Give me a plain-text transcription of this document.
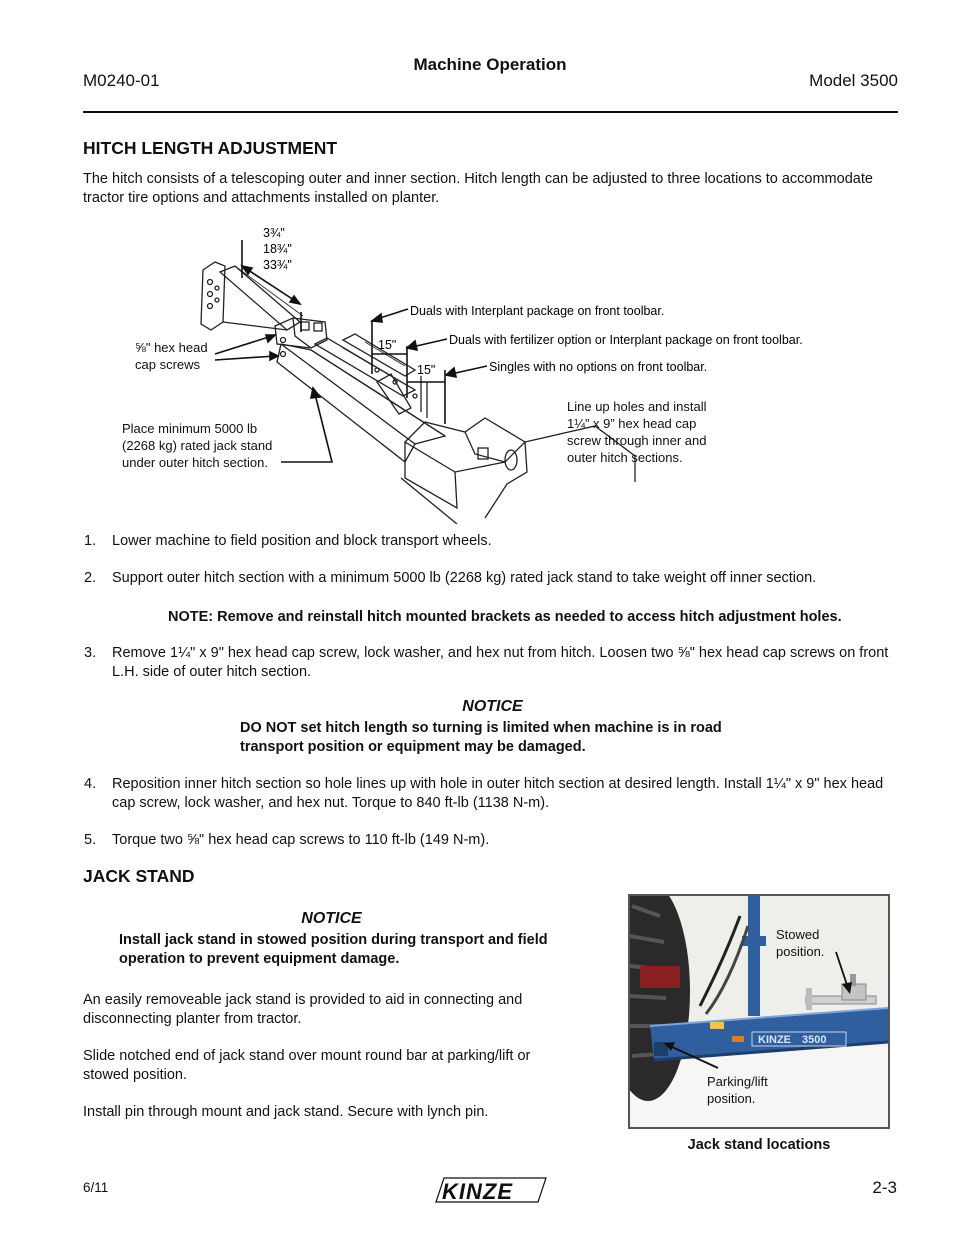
M0240-01
Machine Operation
Model 3500
HITCH LENGTH ADJUSTMENT
The hitch consists of a telescoping outer and inner section. Hitch length can be adjusted to three locations to accommodate tractor tire options and attachments installed on planter.
3¾"
18¾"
33¾"
Duals with Interplant package on front toolbar.
Duals with fertilizer option or Interplant package on front toolbar.
Singles with no options on front toolbar.
15"
15"
⅝" hex head cap screws
Place minimum 5000 lb (2268 kg) rated jack stand under outer hitch section.
Line up holes and install 1¼” x 9” hex head cap screw through inner and outer hitch sections.
1.	Lower machine to field position and block transport wheels.
2.	Support outer hitch section with a minimum 5000 lb (2268 kg) rated jack stand to take weight off inner section.
NOTE: Remove and reinstall hitch mounted brackets as needed to access hitch adjustment holes.
3.	Remove 1¼" x 9" hex head cap screw, lock washer, and hex nut from hitch. Loosen two ⅝" hex head cap screws on front L.H. side of outer hitch section.
NOTICE
DO NOT set hitch length so turning is limited when machine is in road transport position or equipment may be damaged.
4.	Reposition inner hitch section so hole lines up with hole in outer hitch section at desired length. Install 1¼" x 9" hex head cap screw, lock washer, and hex nut. Torque to 840 ft-lb (1138 N-m).
5.	Torque two ⅝" hex head cap screws to 110 ft-lb (149 N-m).
JACK STAND
NOTICE
Install jack stand in stowed position during transport and field operation to prevent equipment damage.
An easily removeable jack stand is provided to aid in connecting and disconnecting planter from tractor.
Slide notched end of jack stand over mount round bar at parking/lift or stowed position.
Install pin through mount and jack stand. Secure with lynch pin.
KINZE 3500
Stowed position.
Parking/lift position.
Jack stand locations
6/11	KINZE	2-3
